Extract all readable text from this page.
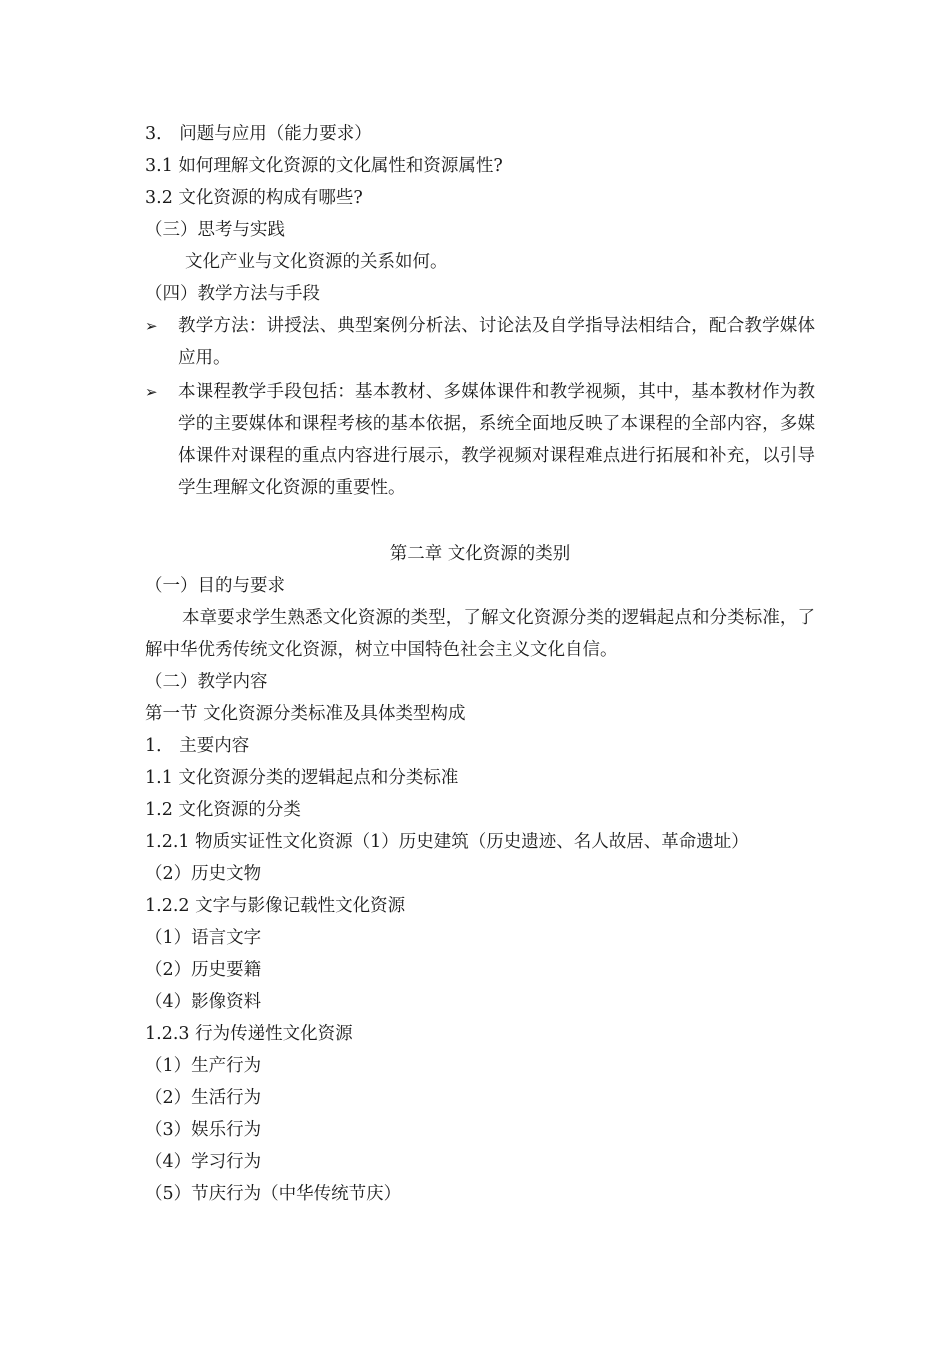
3． 问题与应用（能力要求）
3.1 如何理解文化资源的文化属性和资源属性?
3.2 文化资源的构成有哪些?
（三）思考与实践
文化产业与文化资源的关系如何。
（四）教学方法与手段
➢	教学方法：讲授法、典型案例分析法、讨论法及自学指导法相结合，配合教学媒体应用。
➢	本课程教学手段包括：基本教材、多媒体课件和教学视频，其中，基本教材作为教学的主要媒体和课程考核的基本依据，系统全面地反映了本课程的全部内容，多媒体课件对课程的重点内容进行展示，教学视频对课程难点进行拓展和补充，以引导学生理解文化资源的重要性。
第二章 文化资源的类别
（一）目的与要求

本章要求学生熟悉文化资源的类型，了解文化资源分类的逻辑起点和分类标准，了解中华优秀传统文化资源，树立中国特色社会主义文化自信。

（二）教学内容
第一节 文化资源分类标准及具体类型构成
1． 主要内容
1.1 文化资源分类的逻辑起点和分类标准
1.2 文化资源的分类
1.2.1 物质实证性文化资源（1）历史建筑（历史遗迹、名人故居、革命遗址）
（2）历史文物
1.2.2 文字与影像记载性文化资源
（1）语言文字
（2）历史要籍
（4）影像资料
1.2.3 行为传递性文化资源
（1）生产行为
（2）生活行为
（3）娱乐行为
（4）学习行为
（5）节庆行为（中华传统节庆）
